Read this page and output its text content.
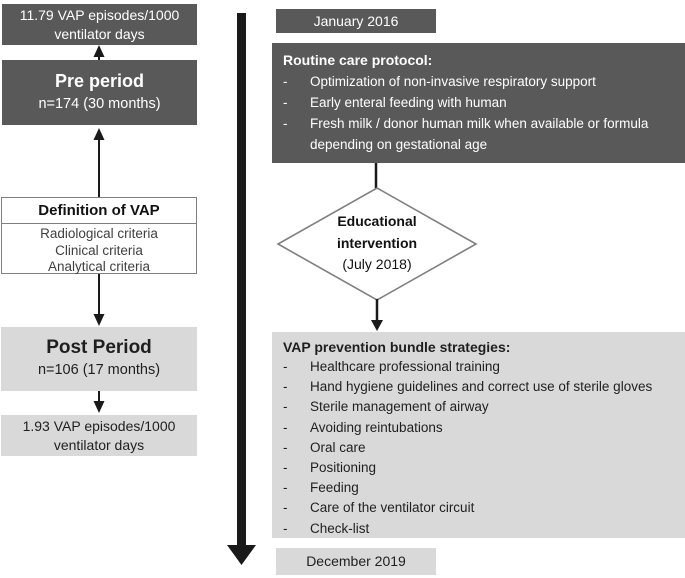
11.79 VAP episodes/1000
ventilator days
Pre period
n=174 (30 months)
Definition of VAP
Radiological criteria
Clinical criteria
Analytical criteria
Post Period
n=106 (17 months)
1.93 VAP episodes/1000
ventilator days
January 2016
Routine care protocol:
-	Optimization of non-invasive respiratory support
-	Early enteral feeding with human
-	Fresh milk / donor human milk when available or formula depending on gestational age
Educational
intervention
(July 2018)
VAP prevention bundle strategies:
-	Healthcare professional training
-	Hand hygiene guidelines and correct use of sterile gloves
-	Sterile management of airway
-	Avoiding reintubations
-	Oral care
-	Positioning
-	Feeding
-	Care of the ventilator circuit
-	Check-list
December 2019
